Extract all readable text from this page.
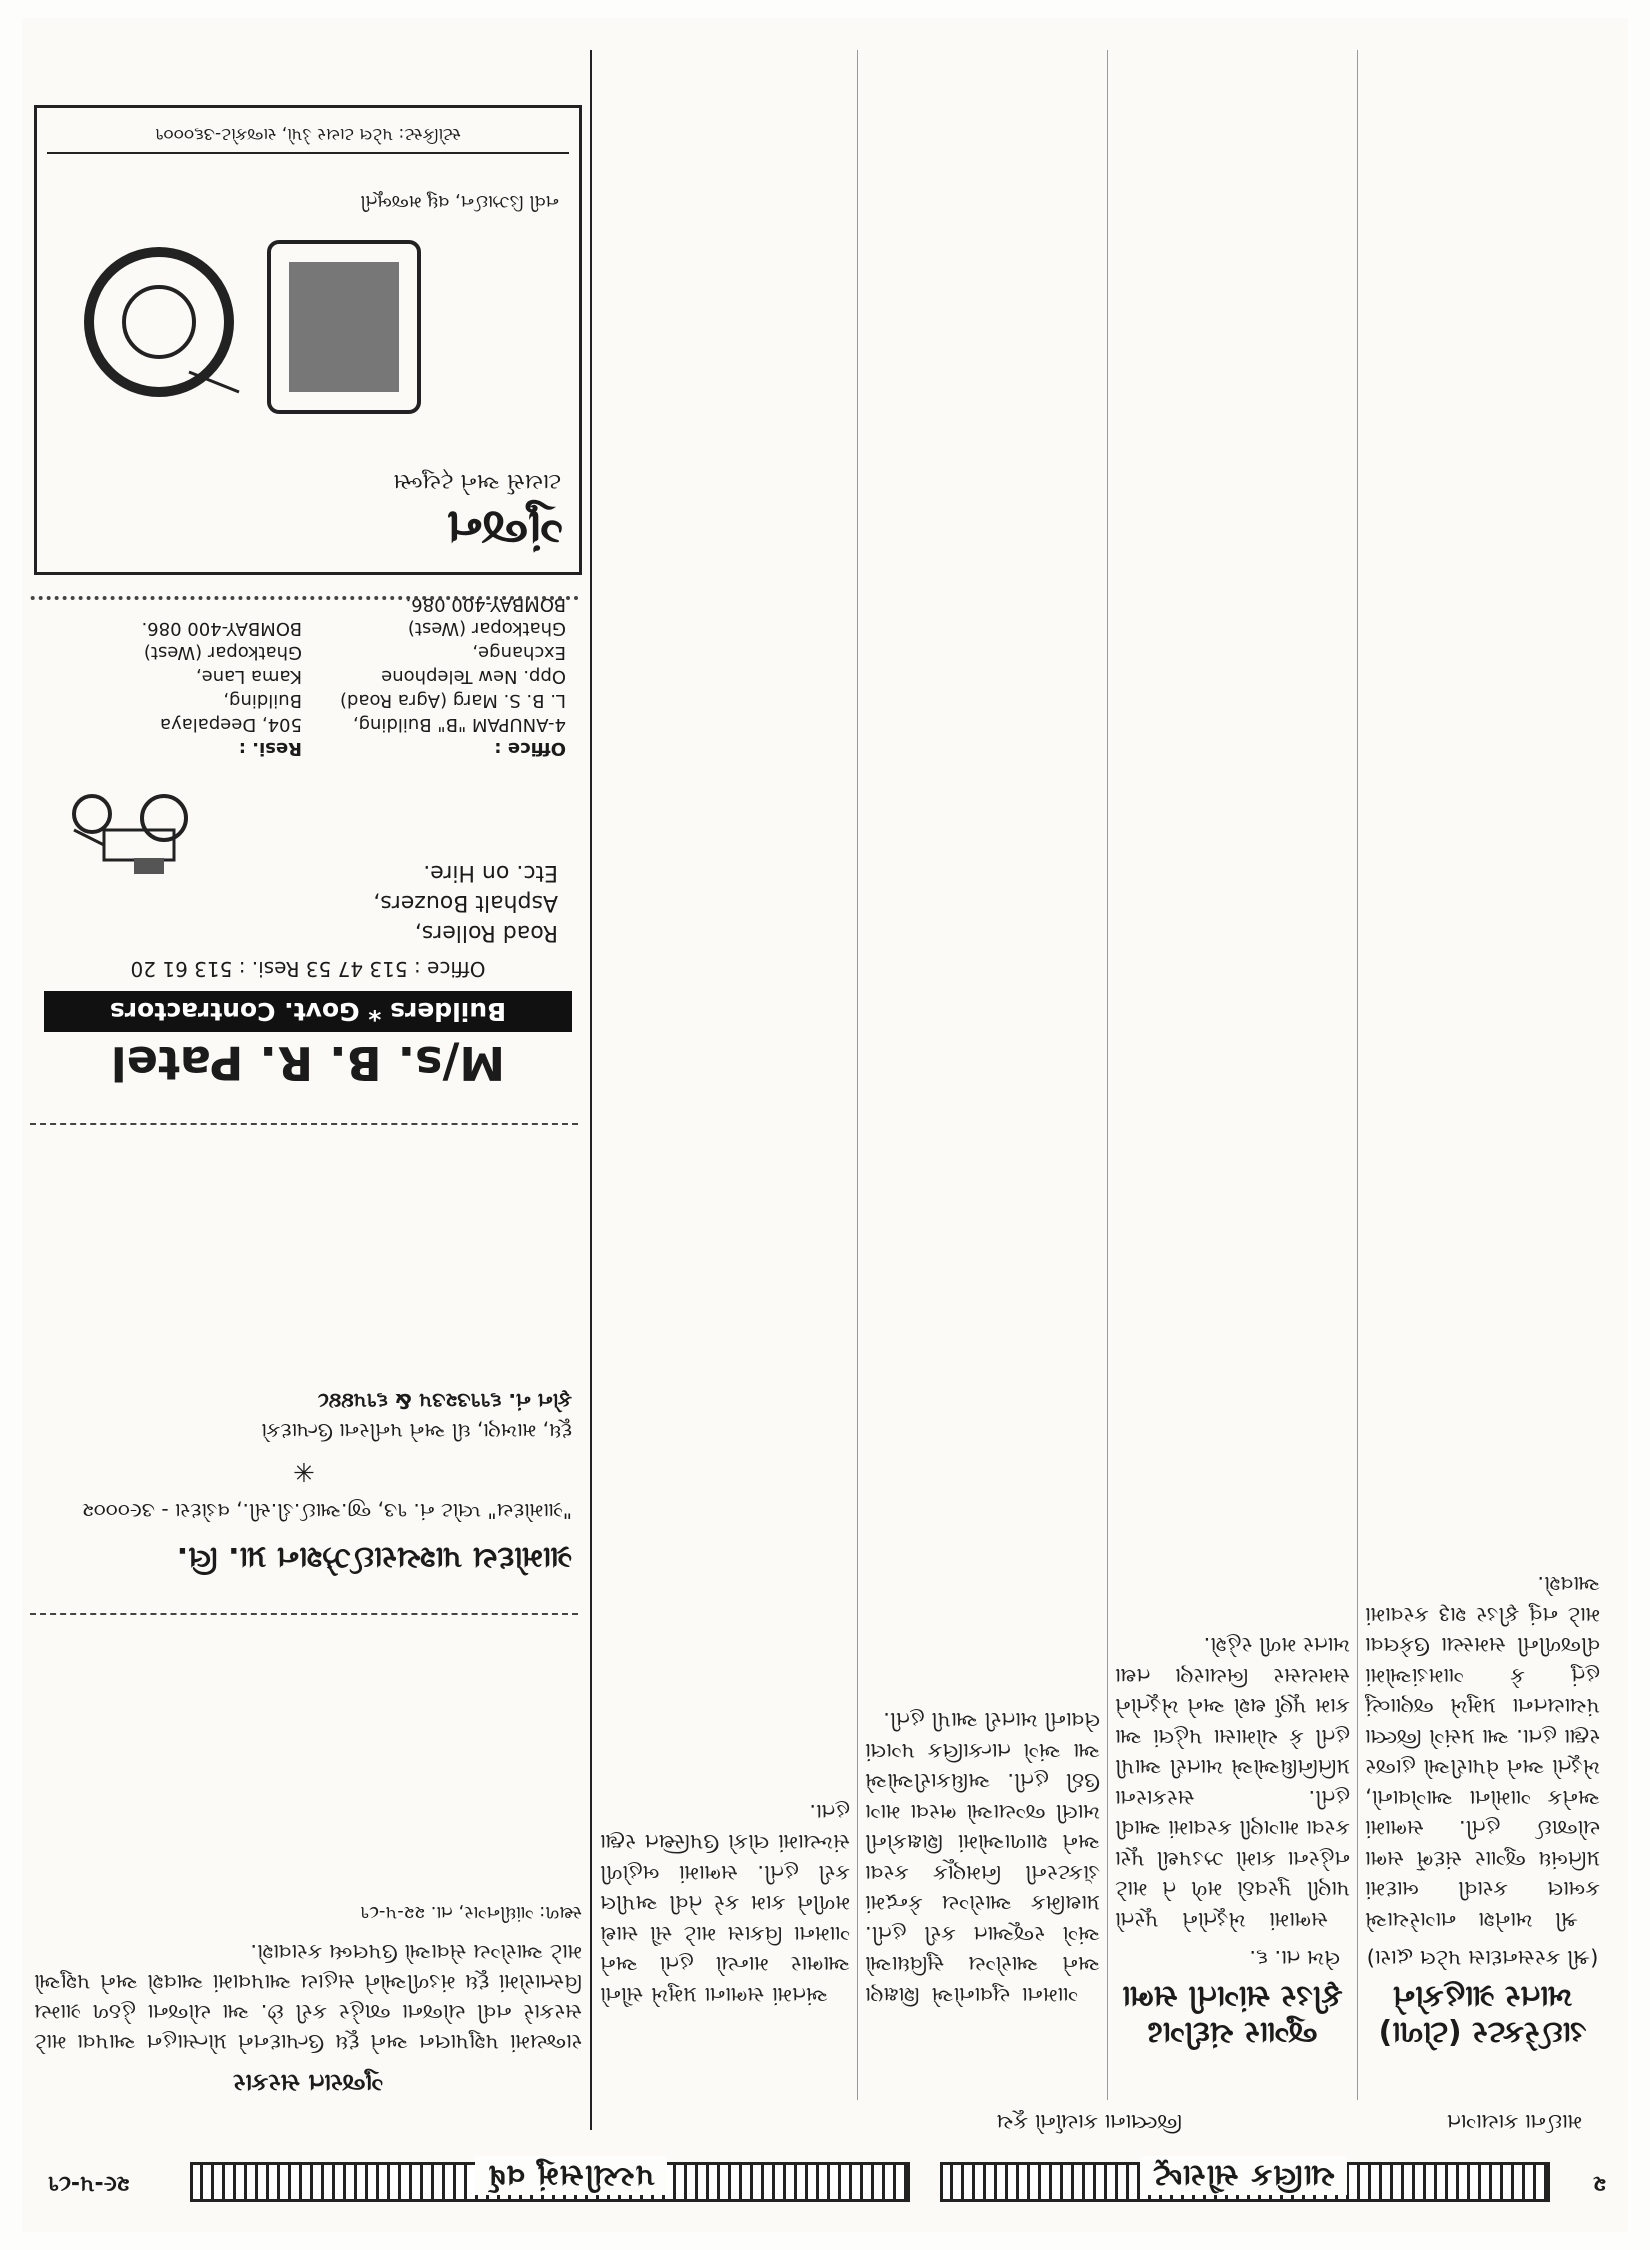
૨
ચાલિક સૌરાષ્ટ્ર
પચ્ચીસમું વર્ષ
૨૯-૫-૮૧
માઈના કાયાગત
જિલ્લાના કાર્યાનો કૂચ
ડાઈરેક્ટર (ટોળા) ખાતર ગ્રાહકોને
(શ્રી કરસનદાસ પટેલ દ્વારા)
શ્રી ખાનેશ નાગરેચાએ કબાલ કરાવી બાદમાં પ્રતિબંધ જુગાર સંદર્ભે સભા યોજાઈ હતી. સભામાં અનેક ગામોના આગેવાનો, ખેડૂતો અને વેપારીઓ હાજર રહ્યા હતા. આ પ્રસંગે જિલ્લા પંચાયતના પ્રમુખે જણાવ્યું હતું કે ગામડાંઓમાં વીજળીની સમસ્યા ઉકેલવા માટે નવું ફીડર શરૂ કરવામાં આવશે.
જુગાર ચંદીગઢ ફીડર સાંગતી સભા
લેખ તા. ૬.
સભામાં ખેડૂતોને પૂરતો પાણી પુરવઠો મળે તે માટે નહેરના કામો ઝડપથી પૂરા કરવા માગણી કરવામાં આવી હતી. સરકારના પ્રતિનિધિઓએ ખાતરી આપી હતી કે ચોમાસા પહેલાં આ કામ પૂર્ણ થશે અને ખેડૂતોને સમયસર બિયારણ તથા ખાતર મળી રહેશે.
ગામના યુવાનોએ શિક્ષણ અને આરોગ્ય સુવિધાઓ અંગે રજૂઆત કરી હતી. પ્રાથમિક આરોગ્ય કેન્દ્રમાં ડૉક્ટરની નિમણૂક કરવા અને શાળાઓમાં શિક્ષકોની ખાલી જગ્યાઓ ભરવા માગ ઉઠી હતી. અધિકારીઓએ આ અંગે તાત્કાલિક પગલાં લેવાની ખાતરી આપી હતી.
અંતમાં સભાના પ્રમુખે સૌનો આભાર માન્યો હતો અને ગામના વિકાસ માટે સૌ સાથે મળીને કામ કરે તેવી અપીલ કરી હતી. સભામાં બહોળી સંખ્યામાં લોકો ઉપસ્થિત રહ્યા હતા.
ગુજરાત સરકાર
રાજ્યમાં પશુપાલન અને દૂધ ઉત્પાદનને પ્રોત્સાહન આપવા માટે સરકારે નવી યોજના જાહેર કરી છે. આ યોજના હેઠળ ગ્રામ્ય વિસ્તારોમાં દૂધ મંડળીઓને સહાય આપવામાં આવશે અને પશુઓ માટે આરોગ્ય સેવાઓ ઉપલબ્ધ કરાવાશે.
સ્થળ: ગાંધીનગર, તા. ૨૨-૫-૮૧
ગ્રામોદય પાશ્ચરાઈઝેશન પ્રા. લિ.
"ગ્રામોદય" પ્લોટ નં. ૧૩, જી.આઈ.ડી.સી., વડોદરા - ૩૯૦૦૦૨
✳
દૂધ, માખણ, ઘી અને પનીરના ઉત્પાદકો
ફોન નં. ૬૧૧૩૨૩૫ & ૬૧૫૪૪૮
M/s. B. R. Patel
Builders * Govt. Contractors
Office : 513 47 53 Resi. : 513 61 20
Road Rollers,
Asphalt Bouzers,
Etc. on Hire.
Office :
4-ANUPAM "B" Building,
L. B. S. Marg (Agra Road)
Opp. New Telephone Exchange,
Ghatkopar (West)
BOMBAY-400 086.
Resi. :
504, Deepalaya
Building,
Kama Lane,
Ghatkopar (West)
BOMBAY-400 086.
ગુંજન
ટાયર્સ અને ટ્યુબ્સ
નવી ડિઝાઈન, વધુ મજબૂતી
સ્ટોકિસ્ટ: પટેલ ટાયર ડેપો, રાજકોટ-૩૬૦૦૦૧
